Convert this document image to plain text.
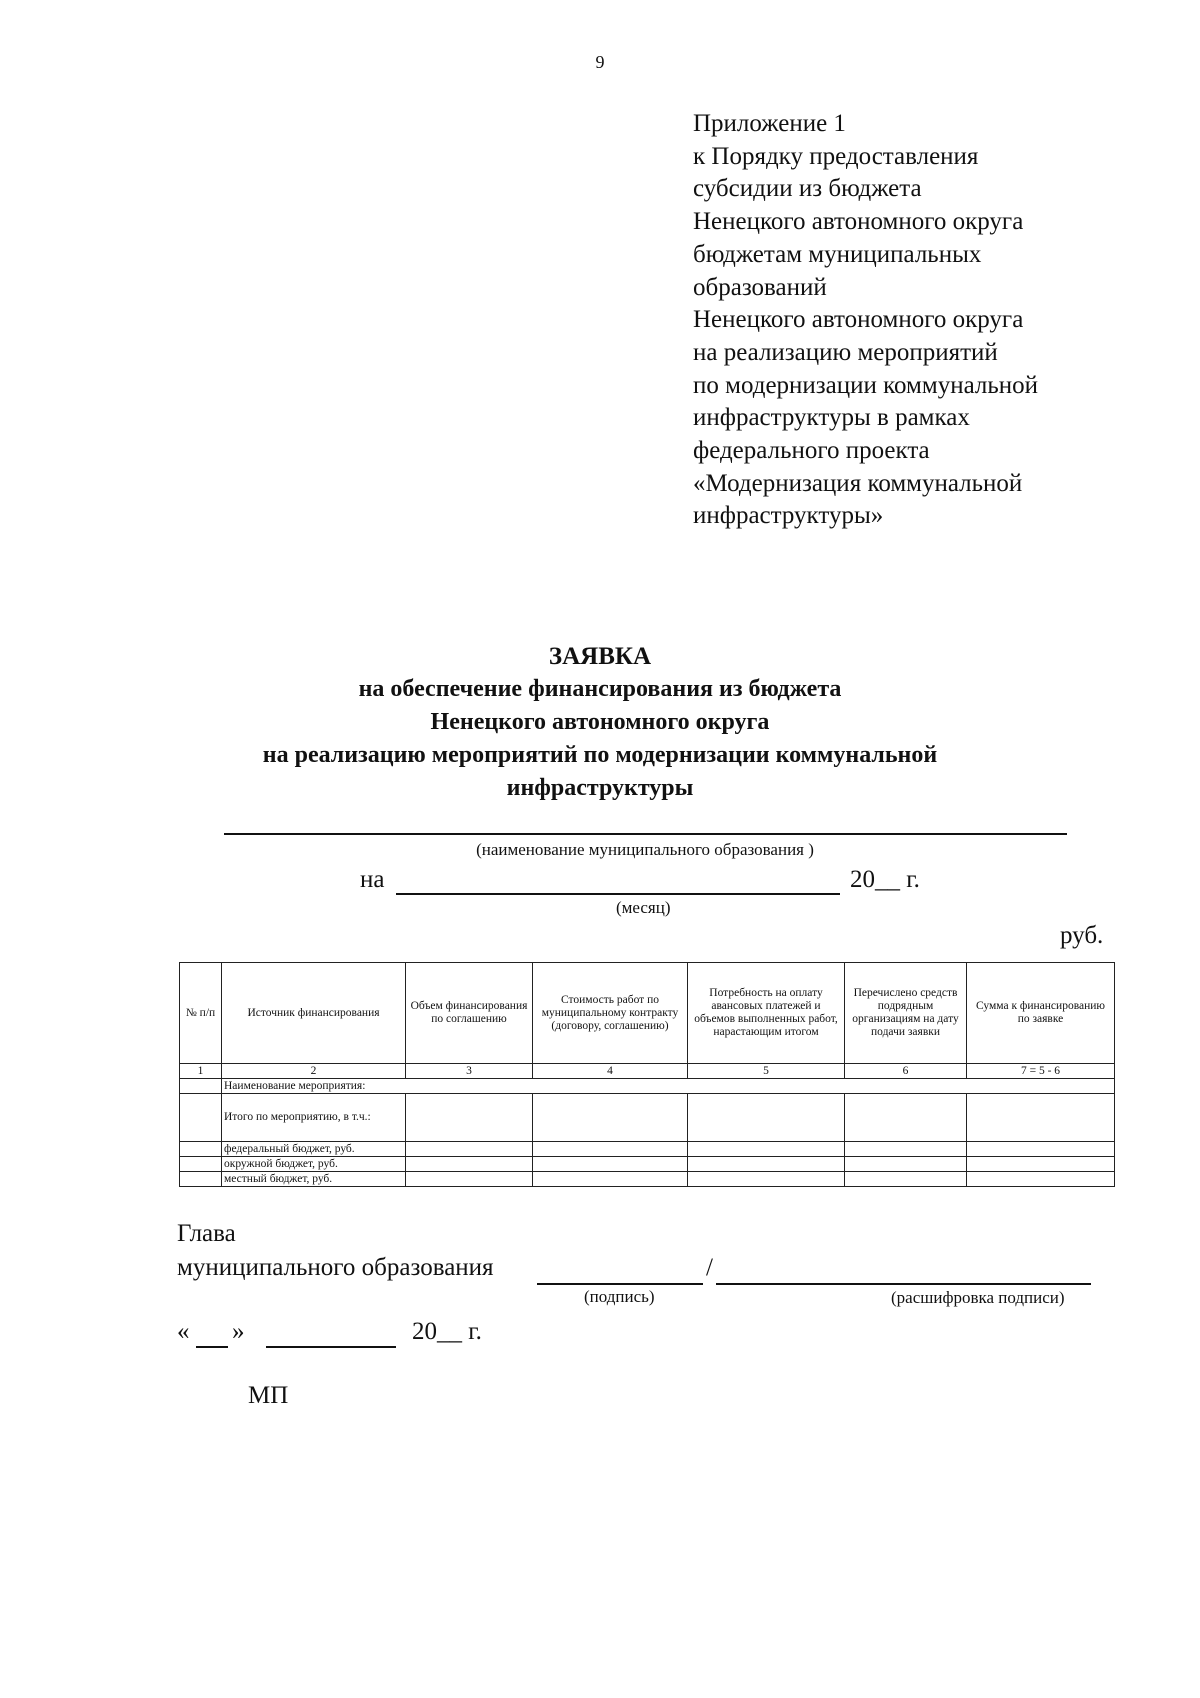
9
Приложение 1
к Порядку предоставления
субсидии из бюджета
Ненецкого автономного округа
бюджетам муниципальных
образований
Ненецкого автономного округа
на реализацию мероприятий
по модернизации коммунальной
инфраструктуры в рамках
федерального проекта
«Модернизация коммунальной
инфраструктуры»
ЗАЯВКА
на обеспечение финансирования из бюджета
Ненецкого автономного округа
на реализацию мероприятий по модернизации коммунальной
инфраструктуры
(наименование муниципального образования )
на	20__ г.
(месяц)
руб.
№ п/п	Источник финансирования	Объем финансирования по соглашению	Стоимость работ по муниципальному контракту (договору, соглашению)	Потребность на оплату авансовых платежей и объемов выполненных работ, нарастающим итогом	Перечислено средств подрядным организациям на дату подачи заявки	Сумма к финансированию по заявке
1	2	3	4	5	6	7 = 5 - 6
	Наименование мероприятия:					
	Итого по мероприятию, в т.ч.:					
	федеральный бюджет, руб.					
	окружной бюджет, руб.					
	местный бюджет, руб.					
Глава
муниципального образования	/
(подпись)	(расшифровка подписи)
« »	20__ г.
МП
